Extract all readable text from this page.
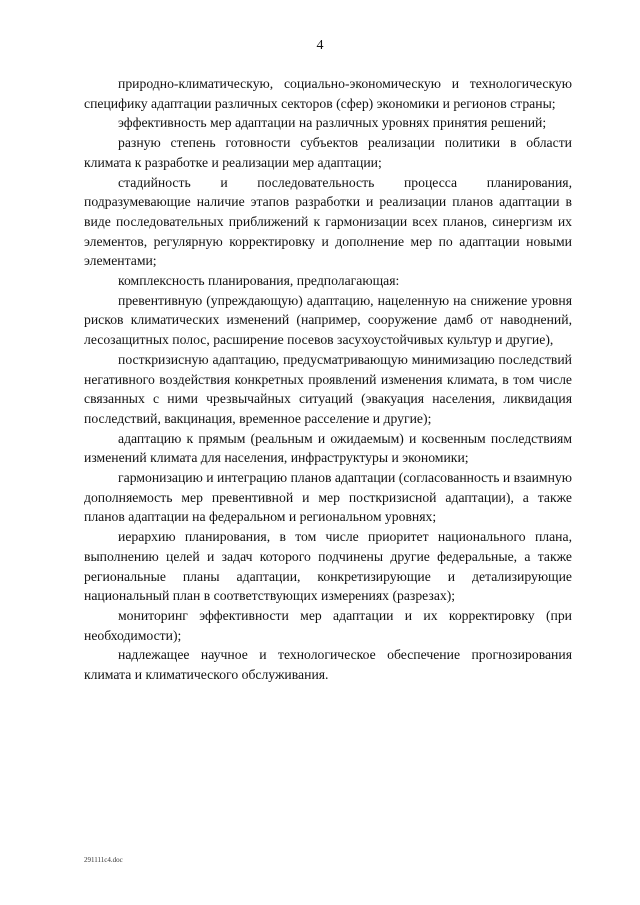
4

природно-климатическую, социально-экономическую и технологическую специфику адаптации различных секторов (сфер) экономики и регионов страны;

эффективность мер адаптации на различных уровнях принятия решений;

разную степень готовности субъектов реализации политики в области климата к разработке и реализации мер адаптации;

стадийность и последовательность процесса планирования, подразумевающие наличие этапов разработки и реализации планов адаптации в виде последовательных приближений к гармонизации всех планов, синергизм их элементов, регулярную корректировку и дополнение мер по адаптации новыми элементами;

комплексность планирования, предполагающая:

превентивную (упреждающую) адаптацию, нацеленную на снижение уровня рисков климатических изменений (например, сооружение дамб от наводнений, лесозащитных полос, расширение посевов засухоустойчивых культур и другие),

посткризисную адаптацию, предусматривающую минимизацию последствий негативного воздействия конкретных проявлений изменения климата, в том числе связанных с ними чрезвычайных ситуаций (эвакуация населения, ликвидация последствий, вакцинация, временное расселение и другие);

адаптацию к прямым (реальным и ожидаемым) и косвенным последствиям изменений климата для населения, инфраструктуры и экономики;

гармонизацию и интеграцию планов адаптации (согласованность и взаимную дополняемость мер превентивной и мер посткризисной адаптации), а также планов адаптации на федеральном и региональном уровнях;

иерархию планирования, в том числе приоритет национального плана, выполнению целей и задач которого подчинены другие федеральные, а также региональные планы адаптации, конкретизирующие и детализирующие национальный план в соответствующих измерениях (разрезах);

мониторинг эффективности мер адаптации и их корректировку (при необходимости);

надлежащее научное и технологическое обеспечение прогнозирования климата и климатического обслуживания.

291111c4.doc
